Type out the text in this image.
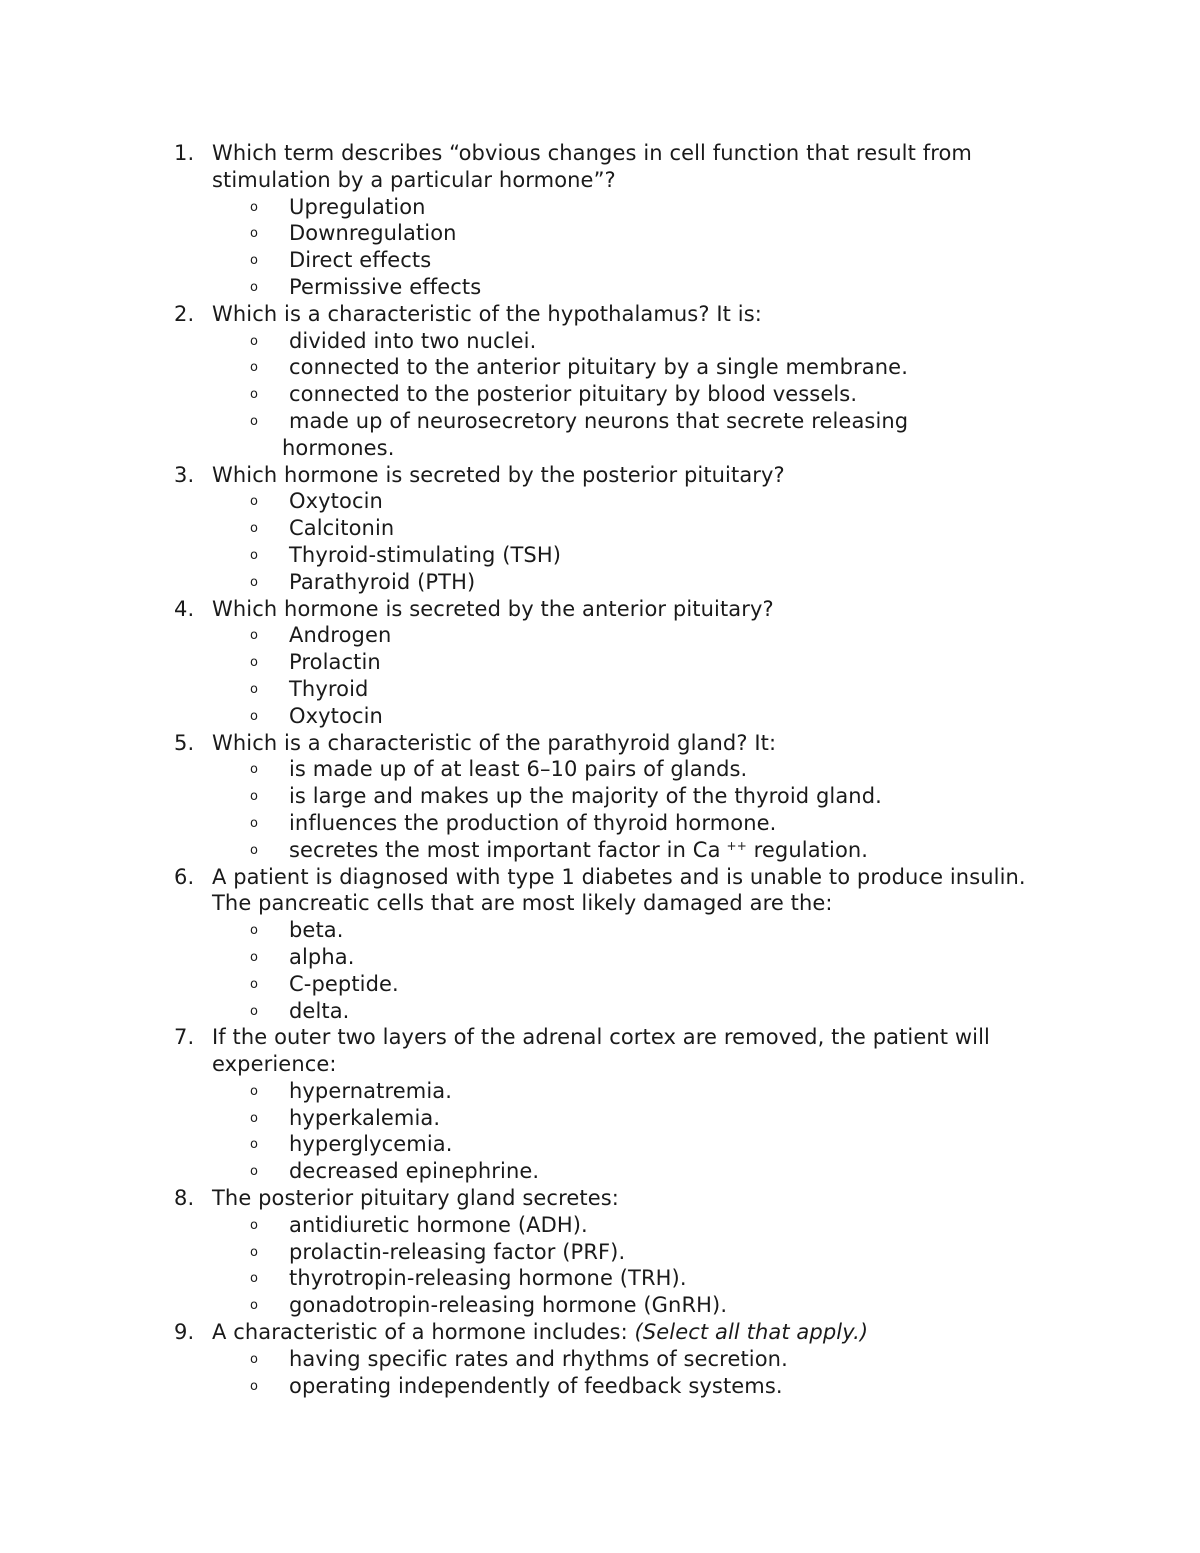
1. Which term describes “obvious changes in cell function that result from stimulation by a particular hormone”?
o Upregulation
o Downregulation
o Direct effects
o Permissive effects
2. Which is a characteristic of the hypothalamus? It is:
o divided into two nuclei.
o connected to the anterior pituitary by a single membrane.
o connected to the posterior pituitary by blood vessels.
o	made up of neurosecretory neurons that secrete releasing
hormones.
3. Which hormone is secreted by the posterior pituitary?
o Oxytocin
o Calcitonin
o Thyroid-stimulating (TSH)
o Parathyroid (PTH)
4. Which hormone is secreted by the anterior pituitary?
o Androgen
o Prolactin
o Thyroid
o Oxytocin
5. Which is a characteristic of the parathyroid gland? It:
o is made up of at least 6–10 pairs of glands.
o is large and makes up the majority of the thyroid gland.
o influences the production of thyroid hormone.
o secretes the most important factor in Ca ++ regulation.
6. A patient is diagnosed with type 1 diabetes and is unable to produce insulin. The pancreatic cells that are most likely damaged are the:
o beta.
o alpha.
o C-peptide.
o delta.
7. If the outer two layers of the adrenal cortex are removed, the patient will experience:
o hypernatremia.
o hyperkalemia.
o hyperglycemia.
o decreased epinephrine.
8. The posterior pituitary gland secretes:
o antidiuretic hormone (ADH).
o prolactin-releasing factor (PRF).
o thyrotropin-releasing hormone (TRH).
o gonadotropin-releasing hormone (GnRH).
9. A characteristic of a hormone includes: (Select all that apply.)
o having specific rates and rhythms of secretion.
o operating independently of feedback systems.
